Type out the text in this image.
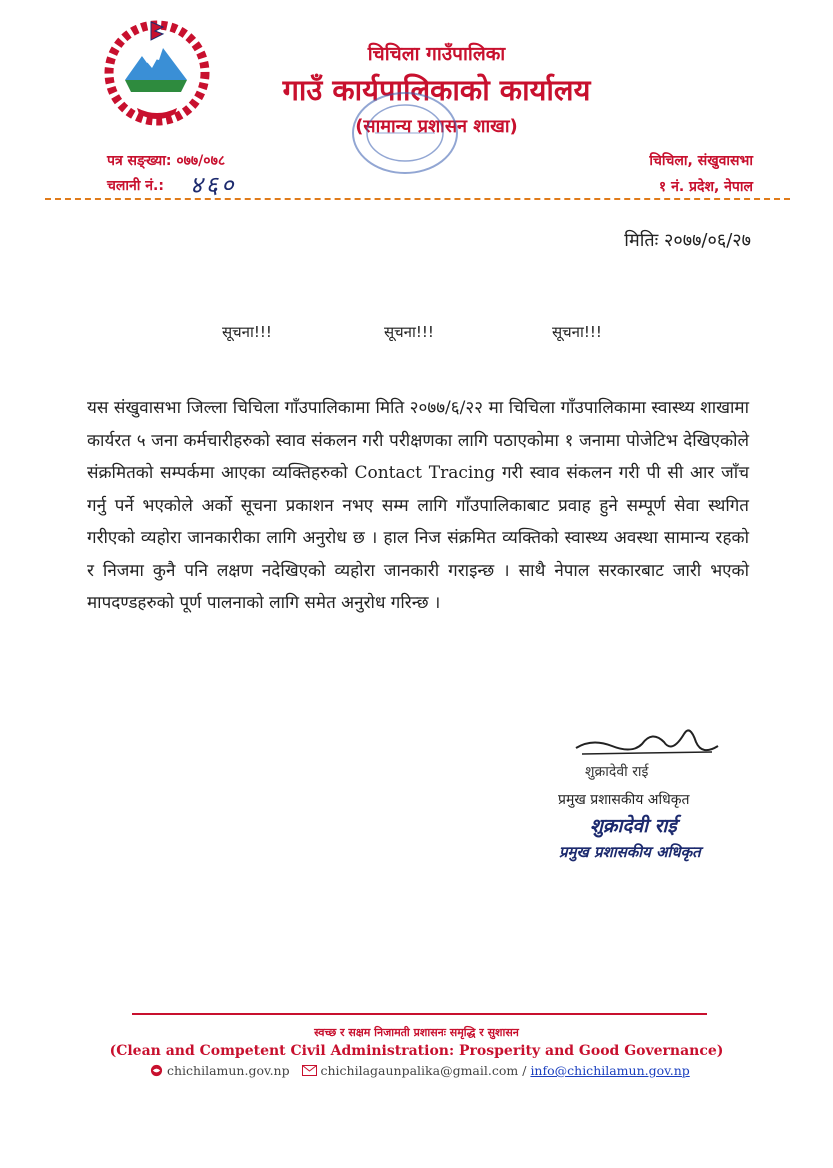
चिचिला गाउँपालिका
गाउँ कार्यपालिकाको कार्यालय
(सामान्य प्रशासन शाखा)
पत्र सङ्ख्या: ०७७/०७८
चलानी नं.: ४६०
चिचिला, संखुवासभा
१ नं. प्रदेश, नेपाल
मितिः २०७७/०६/२७
सूचना!!!	सूचना!!!	सूचना!!!
यस संखुवासभा जिल्ला चिचिला गाँउपालिकामा मिति २०७७/६/२२ मा चिचिला गाँउपालिकामा स्वास्थ्य शाखामा कार्यरत ५ जना कर्मचारीहरुको स्वाव संकलन गरी परीक्षणका लागि पठाएकोमा १ जनामा पोजेटिभ देखिएकोले संक्रमितको सम्पर्कमा आएका व्यक्तिहरुको Contact Tracing गरी स्वाव संकलन गरी पी सी आर जाँच गर्नु पर्ने भएकोले अर्को सूचना प्रकाशन नभए सम्म लागि गाँउपालिकाबाट प्रवाह हुने सम्पूर्ण सेवा स्थगित गरीएको व्यहोरा जानकारीका लागि अनुरोध छ । हाल निज संक्रमित व्यक्तिको स्वास्थ्य अवस्था सामान्य रहको र निजमा कुनै पनि लक्षण नदेखिएको व्यहोरा जानकारी गराइन्छ । साथै नेपाल सरकारबाट जारी भएको मापदण्डहरुको पूर्ण पालनाको लागि समेत अनुरोध गरिन्छ ।
शुक्रादेवी राई
प्रमुख प्रशासकीय अधिकृत
शुक्रादेवी राई
प्रमुख प्रशासकीय अधिकृत
स्वच्छ र सक्षम निजामती प्रशासनः समृद्धि र सुशासन
(Clean and Competent Civil Administration: Prosperity and Good Governance)
chichilamun.gov.np chichilagaunpalika@gmail.com / info@chichilamun.gov.np
